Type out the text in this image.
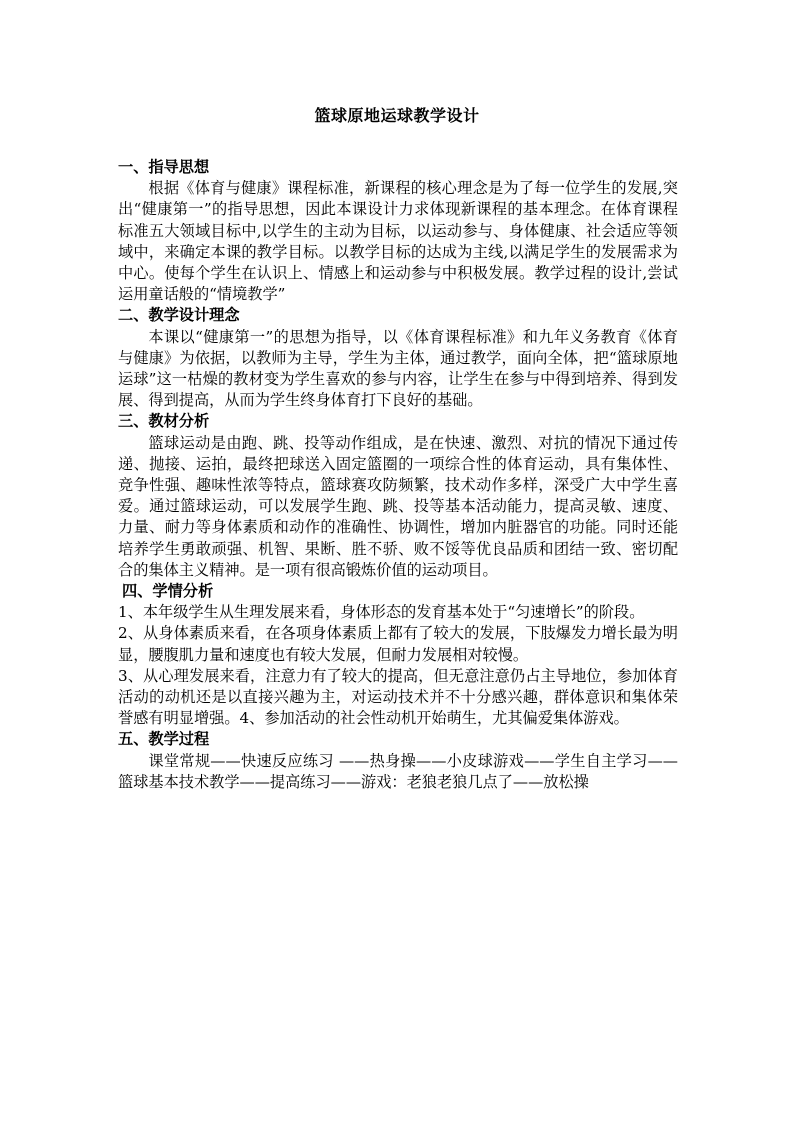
篮球原地运球教学设计

一、指导思想

根据《体育与健康》课程标准，新课程的核心理念是为了每一位学生的发展,突出“健康第一”的指导思想，因此本课设计力求体现新课程的基本理念。在体育课程标准五大领域目标中,以学生的主动为目标，以运动参与、身体健康、社会适应等领域中，来确定本课的教学目标。以教学目标的达成为主线,以满足学生的发展需求为中心。使每个学生在认识上、情感上和运动参与中积极发展。教学过程的设计,尝试运用童话般的“情境教学”

二、教学设计理念

本课以“健康第一”的思想为指导，以《体育课程标准》和九年义务教育《体育与健康》为依据，以教师为主导，学生为主体，通过教学，面向全体，把“篮球原地运球”这一枯燥的教材变为学生喜欢的参与内容，让学生在参与中得到培养、得到发展、得到提高，从而为学生终身体育打下良好的基础。

三、教材分析

篮球运动是由跑、跳、投等动作组成，是在快速、激烈、对抗的情况下通过传递、抛接、运拍，最终把球送入固定篮圈的一项综合性的体育运动，具有集体性、竞争性强、趣味性浓等特点，篮球赛攻防频繁，技术动作多样，深受广大中学生喜爱。通过篮球运动，可以发展学生跑、跳、投等基本活动能力，提高灵敏、速度、力量、耐力等身体素质和动作的准确性、协调性，增加内脏器官的功能。同时还能培养学生勇敢顽强、机智、果断、胜不骄、败不馁等优良品质和团结一致、密切配合的集体主义精神。是一项有很高锻炼价值的运动项目。

四、学情分析

1、本年级学生从生理发展来看，身体形态的发育基本处于“匀速增长”的阶段。

2、从身体素质来看，在各项身体素质上都有了较大的发展，下肢爆发力增长最为明显，腰腹肌力量和速度也有较大发展，但耐力发展相对较慢。

3、从心理发展来看，注意力有了较大的提高，但无意注意仍占主导地位，参加体育活动的动机还是以直接兴趣为主，对运动技术并不十分感兴趣，群体意识和集体荣誉感有明显增强。4、参加活动的社会性动机开始萌生，尤其偏爱集体游戏。

五、教学过程

课堂常规——快速反应练习 ——热身操——小皮球游戏——学生自主学习——篮球基本技术教学——提高练习——游戏：老狼老狼几点了——放松操
